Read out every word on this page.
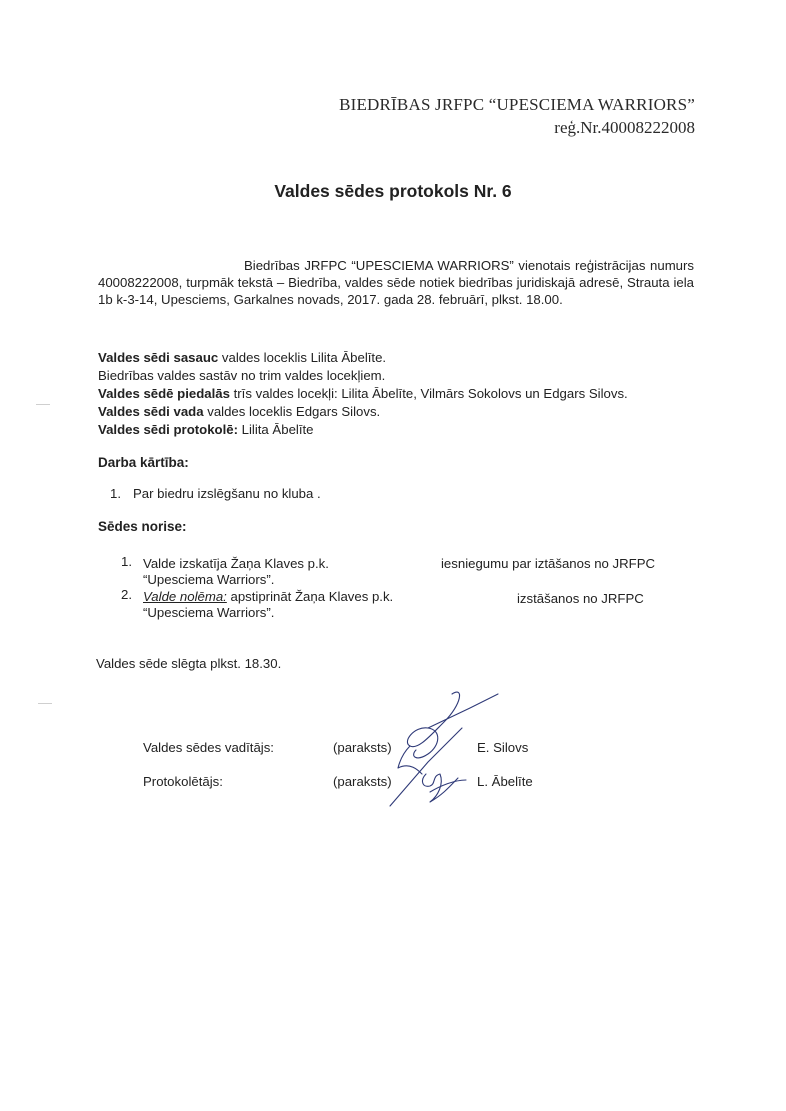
BIEDRĪBAS JRFPC “UPESCIEMA WARRIORS”
reģ.Nr.40008222008
Valdes sēdes protokols Nr. 6
Biedrības JRFPC “UPESCIEMA WARRIORS” vienotais reģistrācijas numurs 40008222008, turpmāk tekstā – Biedrība, valdes sēde notiek biedrības juridiskajā adresē, Strauta iela 1b k-3-14, Upesciems, Garkalnes novads, 2017. gada 28. februārī, plkst. 18.00.
Valdes sēdi sasauc valdes loceklis Lilita Ābelīte.
Biedrības valdes sastāv no trim valdes locekļiem.
Valdes sēdē piedalās trīs valdes locekļi: Lilita Ābelīte, Vilmārs Sokolovs un Edgars Silovs.
Valdes sēdi vada valdes loceklis Edgars Silovs.
Valdes sēdi protokolē: Lilita Ābelīte
Darba kārtība:
1. Par biedru izslēgšanu no kluba .
Sēdes norise:
1. Valde izskatīja Žaņa Klaves p.k.	iesniegumu par iztāšanos no JRFPC
“Upesciema Warriors”.
2. Valde nolēma: apstiprināt Žaņa Klaves p.k.	izstāšanos no JRFPC
“Upesciema Warriors”.
Valdes sēde slēgta plkst. 18.30.
Valdes sēdes vadītājs:	(paraksts)	E. Silovs
Protokolētājs:	(paraksts)	L. Ābelīte
